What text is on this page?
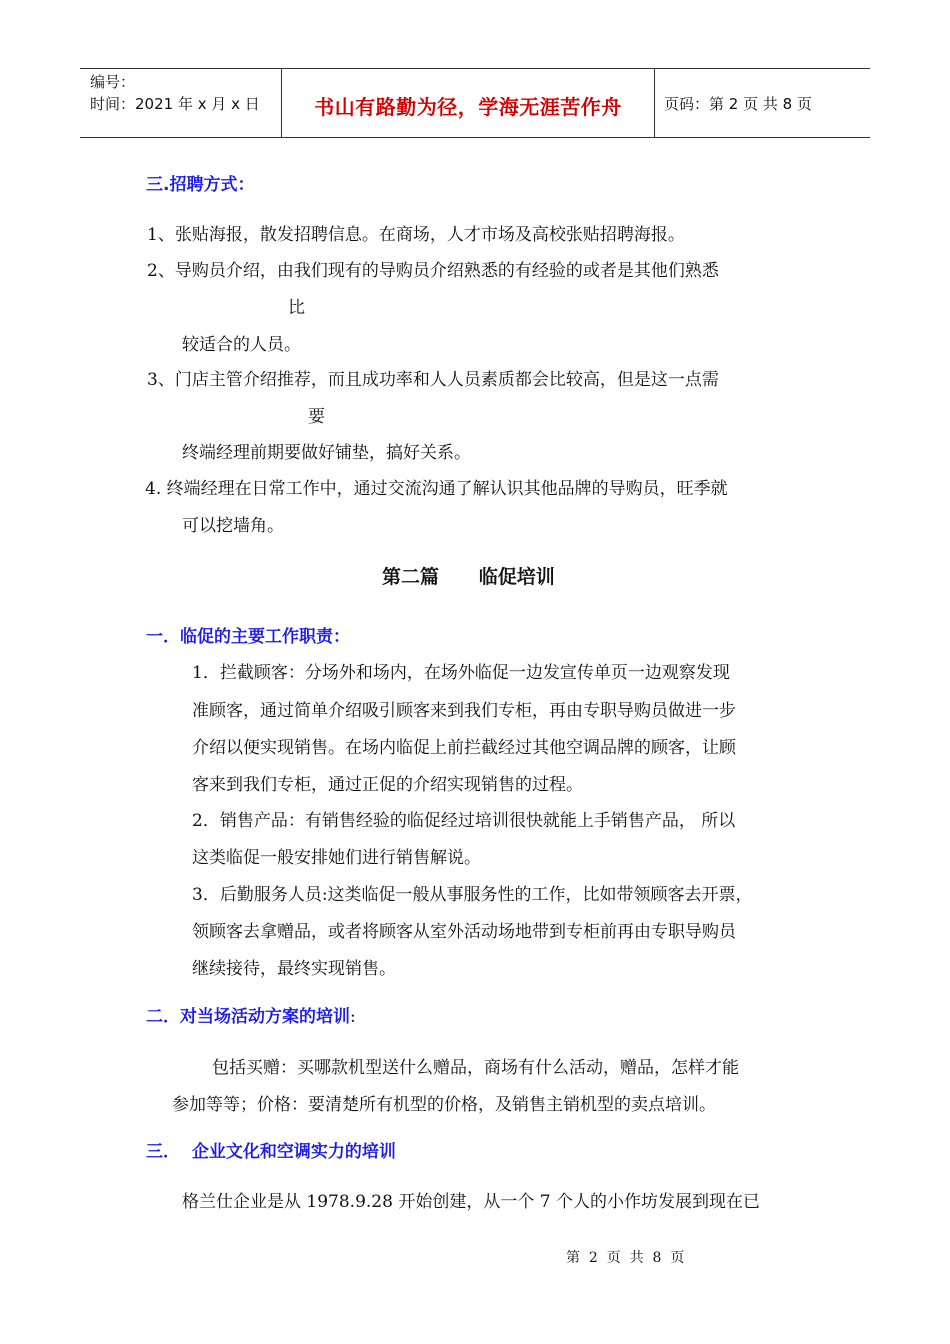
编号：
时间：2021 年 x 月 x 日	书山有路勤为径，学海无涯苦作舟	页码：第 2 页 共 8 页
三.招聘方式：
1、张贴海报，散发招聘信息。在商场，人才市场及高校张贴招聘海报。
2、导购员介绍，由我们现有的导购员介绍熟悉的有经验的或者是其他们熟悉
比
较适合的人员。
3、门店主管介绍推荐，而且成功率和人人员素质都会比较高，但是这一点需
要
终端经理前期要做好铺垫，搞好关系。
4. 终端经理在日常工作中，通过交流沟通了解认识其他品牌的导购员，旺季就
可以挖墙角。
第二篇      临促培训
一．临促的主要工作职责：
1．拦截顾客：分场外和场内，在场外临促一边发宣传单页一边观察发现
准顾客，通过简单介绍吸引顾客来到我们专柜，再由专职导购员做进一步
介绍以便实现销售。在场内临促上前拦截经过其他空调品牌的顾客，让顾
客来到我们专柜，通过正促的介绍实现销售的过程。
2．销售产品：有销售经验的临促经过培训很快就能上手销售产品， 所以
这类临促一般安排她们进行销售解说。
3．后勤服务人员:这类临促一般从事服务性的工作，比如带领顾客去开票，
领顾客去拿赠品，或者将顾客从室外活动场地带到专柜前再由专职导购员
继续接待，最终实现销售。
二．对当场活动方案的培训:
包括买赠：买哪款机型送什么赠品，商场有什么活动，赠品，怎样才能
参加等等；价格：要清楚所有机型的价格，及销售主销机型的卖点培训。
三．  企业文化和空调实力的培训
格兰仕企业是从 1978.9.28 开始创建，从一个 7 个人的小作坊发展到现在已
第  2  页  共  8  页
